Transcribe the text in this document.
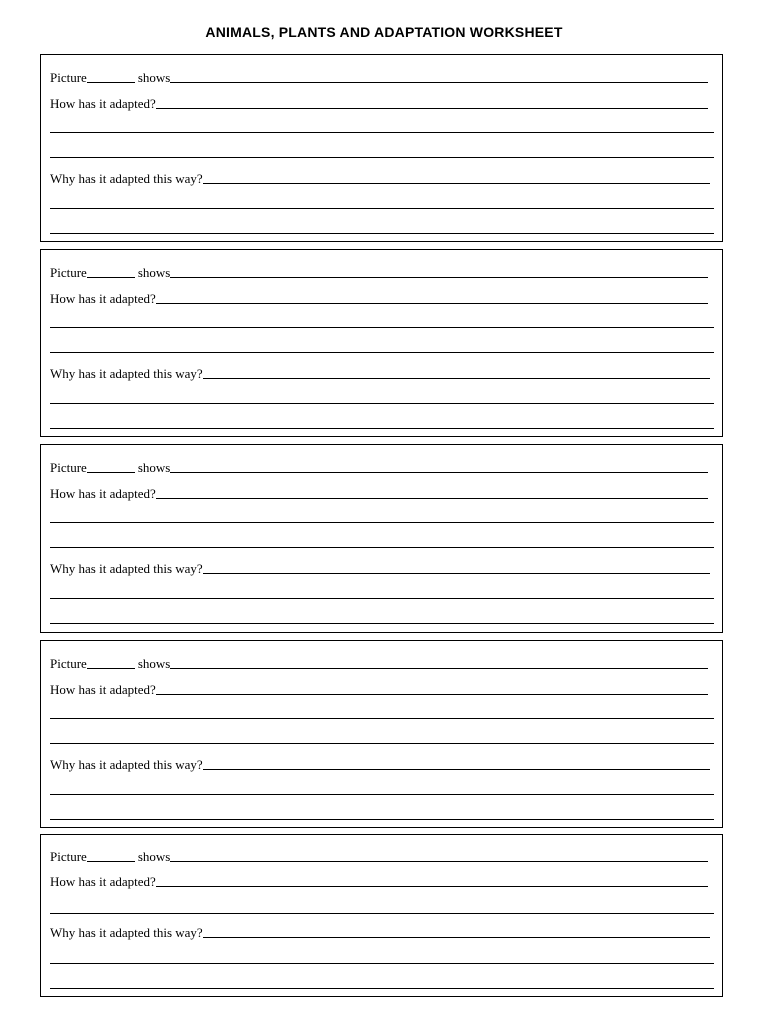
ANIMALS, PLANTS AND ADAPTATION WORKSHEET
Picture	shows
How has it adapted?
Why has it adapted this way?
Picture	shows
How has it adapted?
Why has it adapted this way?
Picture	shows
How has it adapted?
Why has it adapted this way?
Picture	shows
How has it adapted?
Why has it adapted this way?
Picture	shows
How has it adapted?
Why has it adapted this way?
